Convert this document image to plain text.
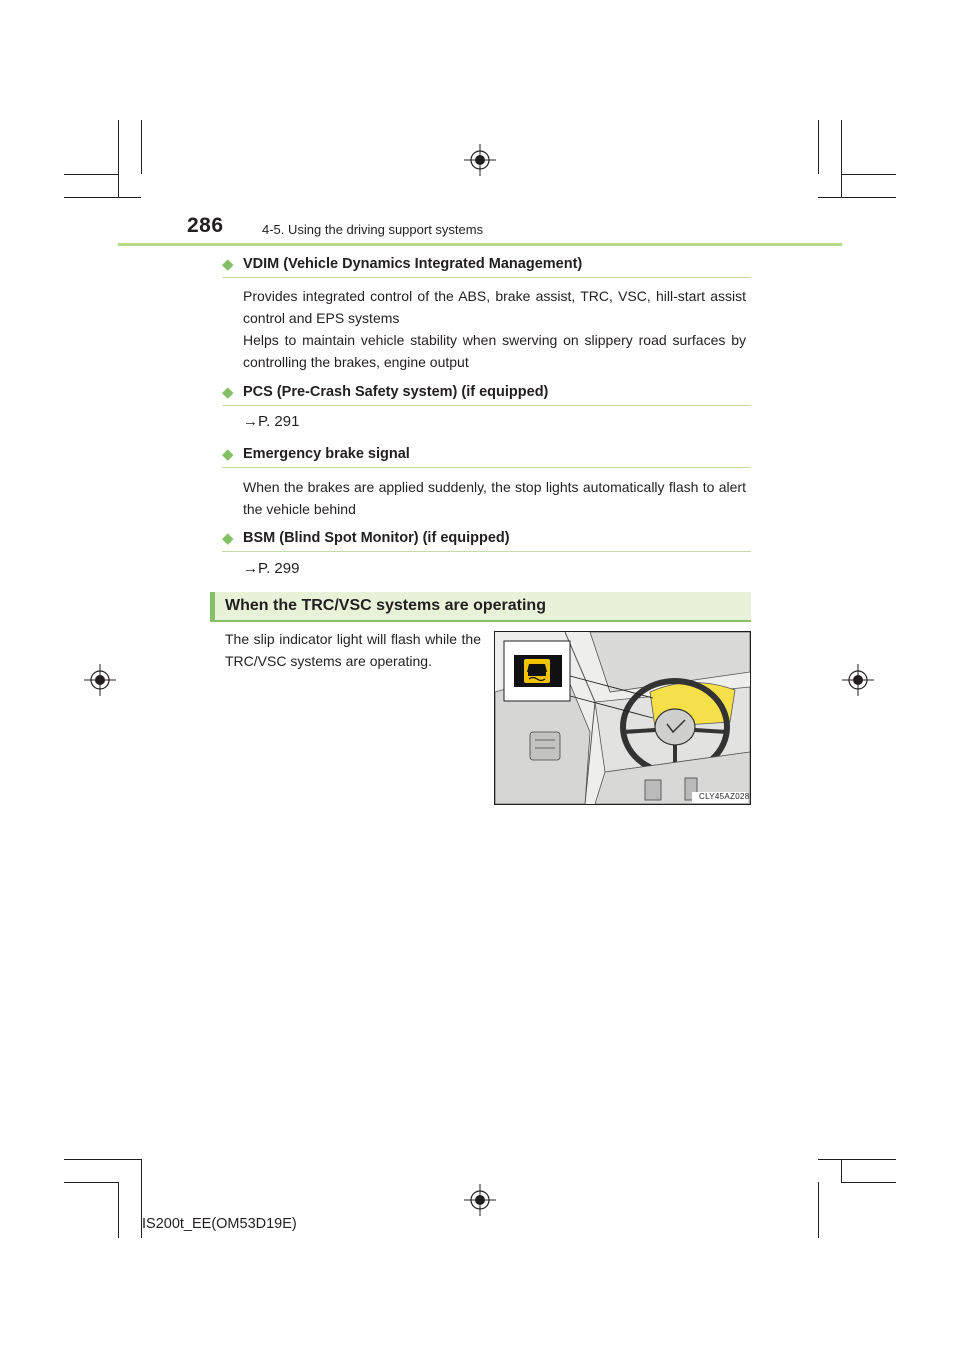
286	4-5. Using the driving support systems
◆ VDIM (Vehicle Dynamics Integrated Management)
Provides integrated control of the ABS, brake assist, TRC, VSC, hill-start assist control and EPS systems
Helps to maintain vehicle stability when swerving on slippery road surfaces by controlling the brakes, engine output
◆ PCS (Pre-Crash Safety system) (if equipped)
→P. 291
◆ Emergency brake signal
When the brakes are applied suddenly, the stop lights automatically flash to alert the vehicle behind
◆ BSM (Blind Spot Monitor) (if equipped)
→P. 299
When the TRC/VSC systems are operating
The slip indicator light will flash while the TRC/VSC systems are operating.
CLY45AZ028
IS200t_EE(OM53D19E)
